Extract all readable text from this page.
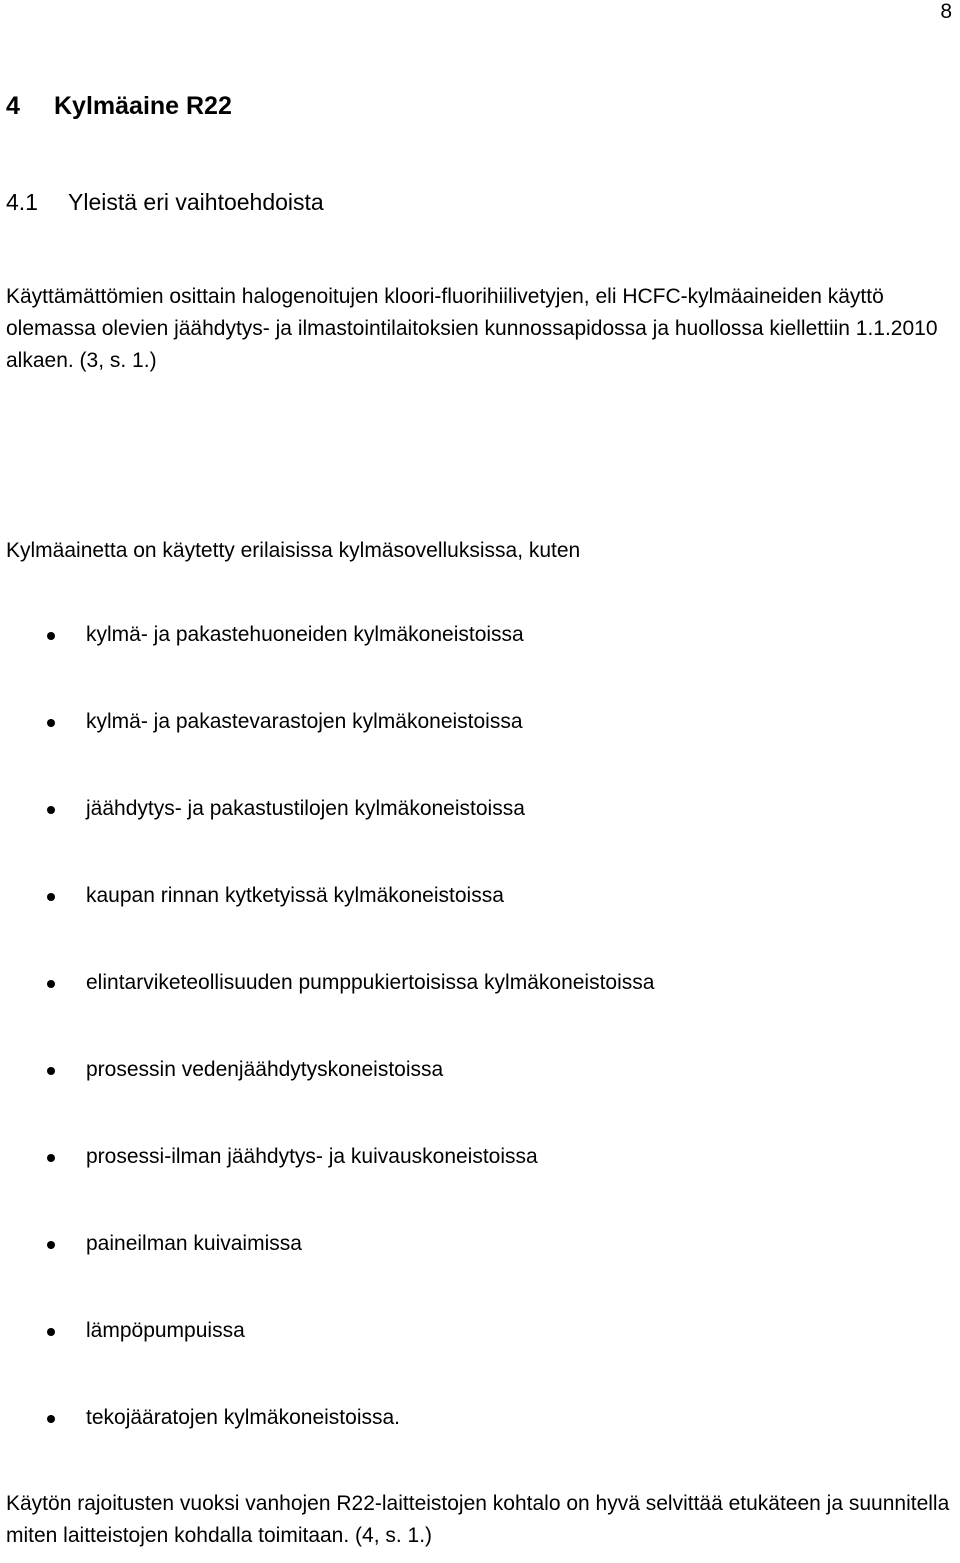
8
4 Kylmäaine R22
4.1 Yleistä eri vaihtoehdoista

Käyttämättömien osittain halogenoitujen kloori-fluorihiilivetyjen, eli HCFC-kylmäaineiden käyttö olemassa olevien jäähdytys- ja ilmastointilaitoksien kunnossapidossa ja huollossa kiellettiin 1.1.2010 alkaen. (3, s. 1.)

Kylmäainetta on käytetty erilaisissa kylmäsovelluksissa, kuten

kylmä- ja pakastehuoneiden kylmäkoneistoissa
kylmä- ja pakastevarastojen kylmäkoneistoissa
jäähdytys- ja pakastustilojen kylmäkoneistoissa
kaupan rinnan kytketyissä kylmäkoneistoissa
elintarviketeollisuuden pumppukiertoisissa kylmäkoneistoissa
prosessin vedenjäähdytyskoneistoissa
prosessi-ilman jäähdytys- ja kuivauskoneistoissa
paineilman kuivaimissa
lämpöpumpuissa
tekojääratojen kylmäkoneistoissa.

Käytön rajoitusten vuoksi vanhojen R22-laitteistojen kohtalo on hyvä selvittää etukäteen ja suunnitella miten laitteistojen kohdalla toimitaan. (4, s. 1.)
